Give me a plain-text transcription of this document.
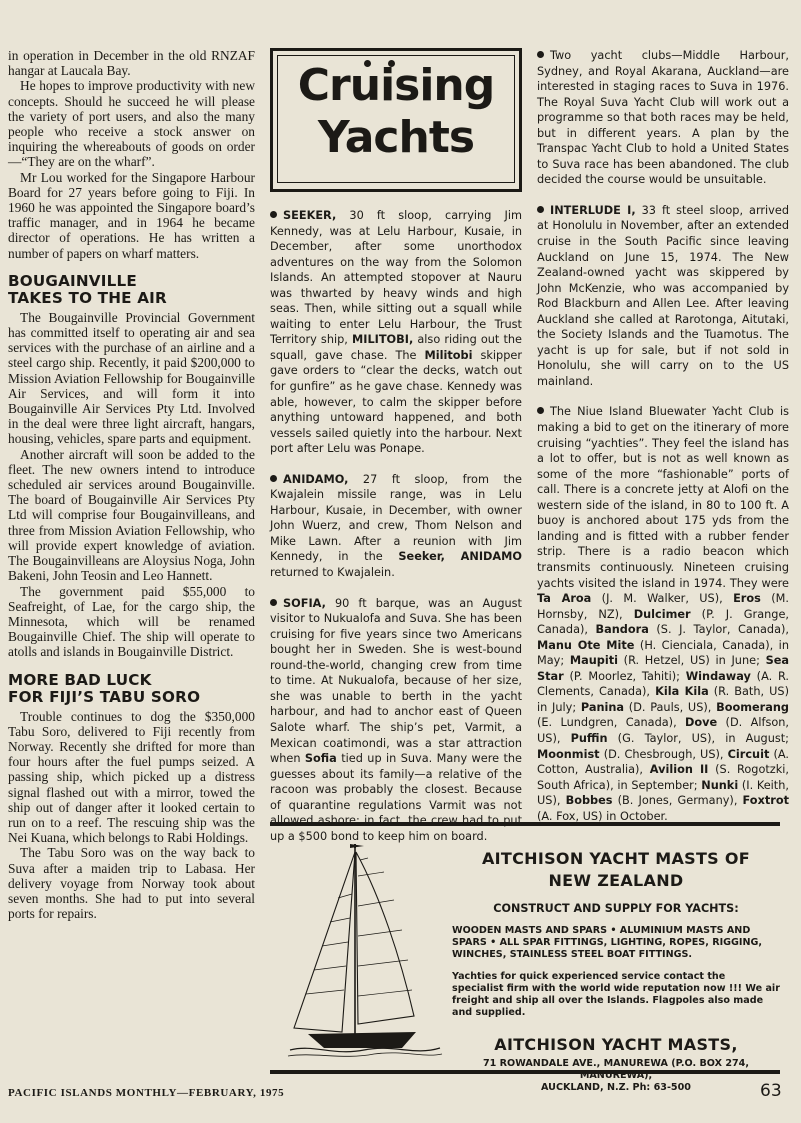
in operation in December in the old RNZAF hangar at Laucala Bay.

He hopes to improve productivity with new concepts. Should he succeed he will please the variety of port users, and also the many people who receive a stock answer on inquiring the whereabouts of goods on order—“They are on the wharf”.

Mr Lou worked for the Singapore Harbour Board for 27 years before going to Fiji. In 1960 he was appointed the Singapore board’s traffic manager, and in 1964 he became director of operations. He has written a number of papers on wharf matters.

BOUGAINVILLE
TAKES TO THE AIR

The Bougainville Provincial Government has committed itself to operating air and sea services with the purchase of an airline and a steel cargo ship. Recently, it paid $200,000 to Mission Aviation Fellowship for Bougainville Air Services, and will form it into Bougainville Air Services Pty Ltd. Involved in the deal were three light aircraft, hangars, housing, vehicles, spare parts and equipment.

Another aircraft will soon be added to the fleet. The new owners intend to introduce scheduled air services around Bougainville. The board of Bougainville Air Services Pty Ltd will comprise four Bougainvilleans, and three from Mission Aviation Fellowship, who will provide expert knowledge of aviation. The Bougainvilleans are Aloysius Noga, John Bakeni, John Teosin and Leo Hannett.

The government paid $55,000 to Seafreight, of Lae, for the cargo ship, the Minnesota, which will be renamed Bougainville Chief. The ship will operate to atolls and islands in Bougainville District.

MORE BAD LUCK
FOR FIJI’S TABU SORO

Trouble continues to dog the $350,000 Tabu Soro, delivered to Fiji recently from Norway. Recently she drifted for more than four hours after the fuel pumps seized. A passing ship, which picked up a distress signal flashed out with a mirror, towed the ship out of danger after it looked certain to run on to a reef. The rescuing ship was the Nei Kuana, which belongs to Rabi Holdings.

The Tabu Soro was on the way back to Suva after a maiden trip to Labasa. Her delivery voyage from Norway took about seven months. She had to put into several ports for repairs.

Cruising
Yachts

SEEKER, 30 ft sloop, carrying Jim Kennedy, was at Lelu Harbour, Kusaie, in December, after some unorthodox adventures on the way from the Solomon Islands. An attempted stopover at Nauru was thwarted by heavy winds and high seas. Then, while sitting out a squall while waiting to enter Lelu Harbour, the Trust Territory ship, MILITOBI, also riding out the squall, gave chase. The Militobi skipper gave orders to “clear the decks, watch out for gunfire” as he gave chase. Kennedy was able, however, to calm the skipper before anything untoward happened, and both vessels sailed quietly into the harbour. Next port after Lelu was Ponape.

ANIDAMO, 27 ft sloop, from the Kwajalein missile range, was in Lelu Harbour, Kusaie, in December, with owner John Wuerz, and crew, Thom Nelson and Mike Lawn. After a reunion with Jim Kennedy, in the Seeker, ANIDAMO returned to Kwajalein.

SOFIA, 90 ft barque, was an August visitor to Nukualofa and Suva. She has been cruising for five years since two Americans bought her in Sweden. She is west-bound round-the-world, changing crew from time to time. At Nukualofa, because of her size, she was unable to berth in the yacht harbour, and had to anchor east of Queen Salote wharf. The ship’s pet, Varmit, a Mexican coatimondi, was a star attraction when Sofia tied up in Suva. Many were the guesses about its family—a relative of the racoon was probably the closest. Because of quarantine regulations Varmit was not allowed ashore; in fact, the crew had to put up a $500 bond to keep him on board.

Two yacht clubs—Middle Harbour, Sydney, and Royal Akarana, Auckland—are interested in staging races to Suva in 1976. The Royal Suva Yacht Club will work out a programme so that both races may be held, but in different years. A plan by the Transpac Yacht Club to hold a United States to Suva race has been abandoned. The club decided the course would be unsuitable.

INTERLUDE I, 33 ft steel sloop, arrived at Honolulu in November, after an extended cruise in the South Pacific since leaving Auckland on June 15, 1974. The New Zealand-owned yacht was skippered by John McKenzie, who was accompanied by Rod Blackburn and Allen Lee. After leaving Auckland she called at Rarotonga, Aitutaki, the Society Islands and the Tuamotus. The yacht is up for sale, but if not sold in Honolulu, she will carry on to the US mainland.

The Niue Island Bluewater Yacht Club is making a bid to get on the itinerary of more cruising “yachties”. They feel the island has a lot to offer, but is not as well known as some of the more “fashionable” ports of call. There is a concrete jetty at Alofi on the western side of the island, in 80 to 100 ft. A buoy is anchored about 175 yds from the landing and is fitted with a rubber fender strip. There is a radio beacon which transmits continuously. Nineteen cruising yachts visited the island in 1974. They were Ta Aroa (J. M. Walker, US), Eros (M. Hornsby, NZ), Dulcimer (P. J. Grange, Canada), Bandora (S. J. Taylor, Canada), Manu Ote Mite (H. Cienciala, Canada), in May; Maupiti (R. Hetzel, US) in June; Sea Star (P. Moorlez, Tahiti); Windaway (A. R. Clements, Canada), Kila Kila (R. Bath, US) in July; Panina (D. Pauls, US), Boomerang (E. Lundgren, Canada), Dove (D. Alfson, US), Puffin (G. Taylor, US), in August; Moonmist (D. Chesbrough, US), Circuit (A. Cotton, Australia), Avilion II (S. Rogotzki, South Africa), in September; Nunki (I. Keith, US), Bobbes (B. Jones, Germany), Foxtrot (A. Fox, US) in October.

AITCHISON YACHT MASTS OF
NEW ZEALAND
CONSTRUCT AND SUPPLY FOR YACHTS:
WOODEN MASTS AND SPARS • ALUMINIUM MASTS AND SPARS • ALL SPAR FITTINGS, LIGHTING, ROPES, RIGGING, WINCHES, STAINLESS STEEL BOAT FITTINGS.
Yachties for quick experienced service contact the specialist firm with the world wide reputation now !!! We air freight and ship all over the Islands. Flagpoles also made and supplied.
AITCHISON YACHT MASTS,
71 ROWANDALE AVE., MANUREWA (P.O. BOX 274, MANUREWA),
AUCKLAND, N.Z. Ph: 63-500
PACIFIC ISLANDS MONTHLY—FEBRUARY, 1975	63
